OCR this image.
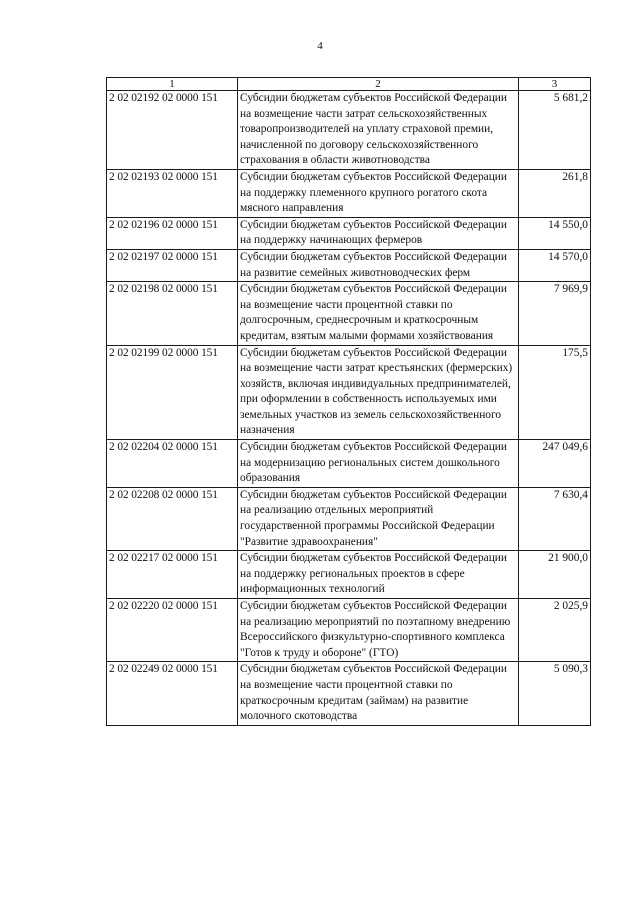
4
1	2	3
2 02 02192 02 0000 151	Субсидии бюджетам субъектов Российской Федерации на возмещение части затрат сельскохозяйственных товаропроизводителей на уплату страховой премии, начисленной по договору сельскохозяйственного страхования в области животноводства	5 681,2
2 02 02193 02 0000 151	Субсидии бюджетам субъектов Российской Федерации на поддержку племенного крупного рогатого скота мясного направления	261,8
2 02 02196 02 0000 151	Субсидии бюджетам субъектов Российской Федерации на поддержку начинающих фермеров	14 550,0
2 02 02197 02 0000 151	Субсидии бюджетам субъектов Российской Федерации на развитие семейных животноводческих ферм	14 570,0
2 02 02198 02 0000 151	Субсидии бюджетам субъектов Российской Федерации на возмещение части процентной ставки по долгосрочным, среднесрочным и краткосрочным кредитам, взятым малыми формами хозяйствования	7 969,9
2 02 02199 02 0000 151	Субсидии бюджетам субъектов Российской Федерации на возмещение части затрат крестьянских (фермерских) хозяйств, включая индивидуальных предпринимателей, при оформлении в собственность используемых ими земельных участков из земель сельскохозяйственного назначения	175,5
2 02 02204 02 0000 151	Субсидии бюджетам субъектов Российской Федерации на модернизацию региональных систем дошкольного образования	247 049,6
2 02 02208 02 0000 151	Субсидии бюджетам субъектов Российской Федерации на реализацию отдельных мероприятий государственной программы Российской Федерации "Развитие здравоохранения"	7 630,4
2 02 02217 02 0000 151	Субсидии бюджетам субъектов Российской Федерации на поддержку региональных проектов в сфере информационных технологий	21 900,0
2 02 02220 02 0000 151	Субсидии бюджетам субъектов Российской Федерации на реализацию мероприятий по поэтапному внедрению Всероссийского физкультурно-спортивного комплекса "Готов к труду и обороне" (ГТО)	2 025,9
2 02 02249 02 0000 151	Субсидии бюджетам субъектов Российской Федерации на возмещение части процентной ставки по краткосрочным кредитам (займам) на развитие молочного скотоводства	5 090,3
